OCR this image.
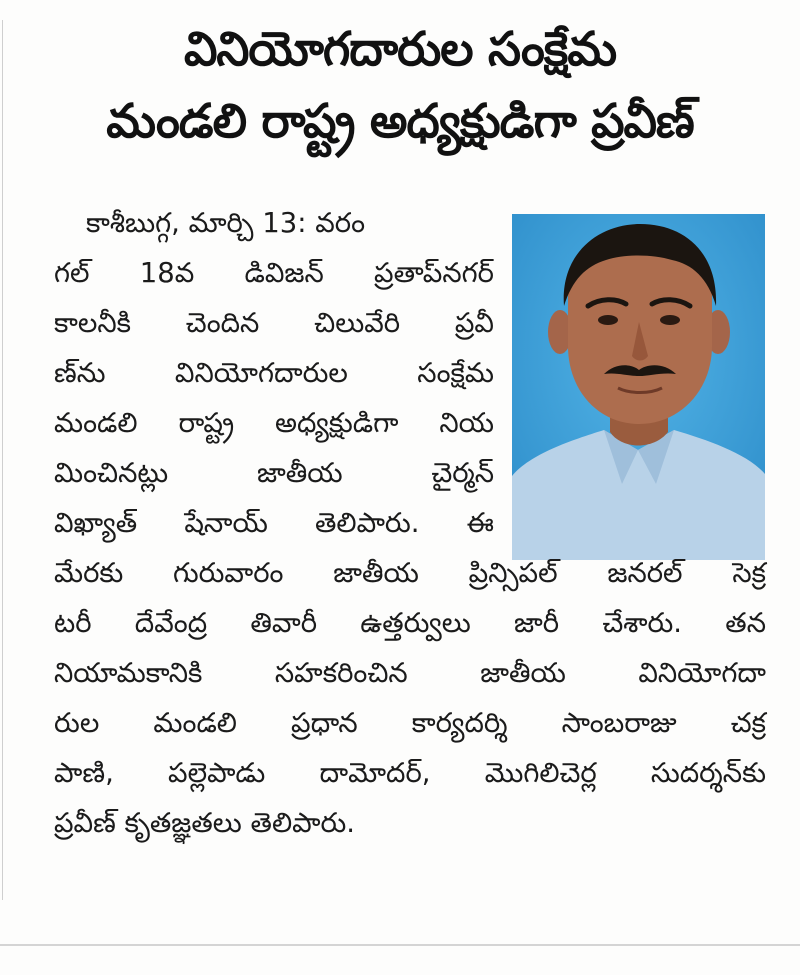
వినియోగదారుల సంక్షేమ
మండలి రాష్ట్ర అధ్యక్షుడిగా ప్రవీణ్
కాశీబుగ్గ, మార్చి 13: వరం
గల్ 18వ డివిజన్ ప్రతాప్‌నగర్
కాలనీకి చెందిన చిలువేరి ప్రవీ
ణ్‌ను వినియోగదారుల సంక్షేమ
మండలి రాష్ట్ర అధ్యక్షుడిగా నియ
మించినట్లు జాతీయ చైర్మన్
విఖ్యాత్ షేనాయ్ తెలిపారు. ఈ
మేరకు గురువారం జాతీయ ప్రిన్సిపల్ జనరల్ సెక్ర
టరీ దేవేంద్ర తివారీ ఉత్తర్వులు జారీ చేశారు. తన
నియామకానికి సహకరించిన జాతీయ వినియోగదా
రుల మండలి ప్రధాన కార్యదర్శి సాంబరాజు చక్ర
పాణి, పల్లెపాడు దామోదర్, మొగిలిచెర్ల సుదర్శన్‌కు
ప్రవీణ్ కృతజ్ఞతలు తెలిపారు.
